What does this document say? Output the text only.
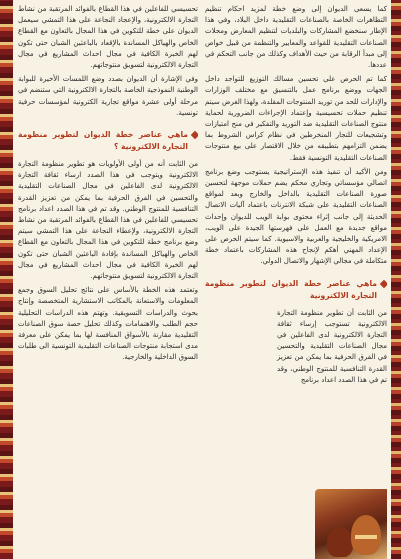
كما يسعى الديوان إلى وضع خطة لمزيد احكام تنظيم التظاهرات الخاصة بالصناعات التقليدية داخل البلاد، وفي هذا الإطار سنخضع المشاركات والبلديات لتنظيم المعارض ومحلات الصناعات التقليدية للقواعد والمعايير والتنظمة من قبيل خواص إلى مبدأ الرقابة من حيث الأهداف وكذلك من جانب التحكم في عددها.

كما تم الحرص على تحسين مسالك التوزيع للتواجد داخل الجهات ووضع برنامج عمل بالتنسيق مع مختلف الوزارات والإدارات للحد من توريد المنتوجات المقلدة، ولهذا الغرض سيتم تنظيم حملات تحسيسية وإعتماد الإجراءات الضرورية لحماية منتوج الصناعات التقليدية ضد التوريد والتفكير في منح امتيازات وتشجيعات للتجار المنخرطين في نظام كراس الشروط بما يضمن التزامهم بتطبيقه من خلال الاقتصار على بيع منتوجات الصناعات التقليدية التونسية فقط.

ومن الأكيد أن تنفيذ هذه الإستراتيجية يستوجب وضع برنامج اتصالي مؤسساتي وتجاري محكم يضم حملات موجهة لتحسين صورة الصناعات التقليدية بالداخل والخارج وبعد لمواقع الصناعات التقليدية على شبكة الانترنات باعتماد آليات الاتصال الحديثة إلى جانب إثراء محتوى بوابة الويب للديوان وإحداث مواقع جديدة مع العمل على فهرستها الجيدة على الويب، الامريكية والخليجية والعربية والاسيوية. كما سيتم الحرص على الإعداد المهني أهكم لإنجاح هذه المشاركات باعتماد خطة متكاملة في مجالي الإشهار والاتصال الدولي.

ماهي عناصر خطة الديوان لتطوير منظومة التجارة الالكترونية

من الثابت أن تطوير منظومة التجارة الالكترونية تستوجب إرساء ثقافة التجارة الالكترونية لدى الفاعلين في مجال الصناعات التقليدية والتحسين في الفرق الحرفية بما يمكن من تعزيز القدرة التنافسية للمنتوج الوطني، وقد تم في هذا الصدد اعداد برنامج

تحسيسي للفاعلين في هذا القطاع بالفوائد المرتقبة من نشاط التجارة الالكترونية، والإعجاد النجاعة على هذا التمشي سيعمل الديوان على خطة للتكوين في هذا المجال بالتعاون مع القطاع الخاص والهياكل المساندة بالإقعاد بالباعثين الشبان حتى تكون لهم الخبرة الكافية في مجال احداث المشاريع في مجال التجارة الالكترونية لتسويق منتوجاتهم.

وفي الإشارة أن الديوان بصدد وضع اللمسات الأخيرة للبوابة الوطنية النموذجية الخاصة بالتجارة الالكترونية التي ستنضم في مرحلة أولى عشرة مواقع تجارية الكترونية لمؤسسات حرفية تونسية.

ماهي عناصر خطة الديوان لتطوير منظومة التجارة الالكترونية ؟

من الثابت أنه من أولى الأولويات هو تطوير منظومة التجارة الالكترونية ويتوجب في هذا الصدد ارساء ثقافة التجارة الالكترونية لدى الفاعلين في مجال الصناعات التقليدية والتحسين في الفرق الحرفية بما يمكن من تعزيز القدرة التنافسية للمنتوج الوطني. وقد تم في هذا الصدد اعداد برنامج تحسيسي للفاعلين في هذا القطاع بالفوائد المرتقبة من نشاط التجارة الالكترونية، ولإعطاء النجاعة على هذا التمشي سيتم وضع برنامج خطة للتكوين في هذا المجال بالتعاون مع القطاع الخاص والهياكل المساندة بإفادة الباعثين الشبان حتى تكون لهم الخبرة الكافية في مجال احداث المشاريع في مجال التجارة الالكترونية لتسويق منتوجاتهم.

وتعتمد هذه الخطة بالأساس على نتائج تحليل السوق وجمع المعلومات والاستعانة بالمكاتب الاستشارية المتخصصة وإنتاج بحوث والدراسات التسويقية. وتهتم هذه الدراسات التحليلية حجم الطلب والاهتمامات وكذلك تحليل حصة سوق الصناعات التقليدية مقارنة بالأسواق المنافسة لها بما يمكن على معرفة مدى استجابة منتوجات الصناعات التقليدية التونسية الى طلبات السوق الداخلية والخارجية.
